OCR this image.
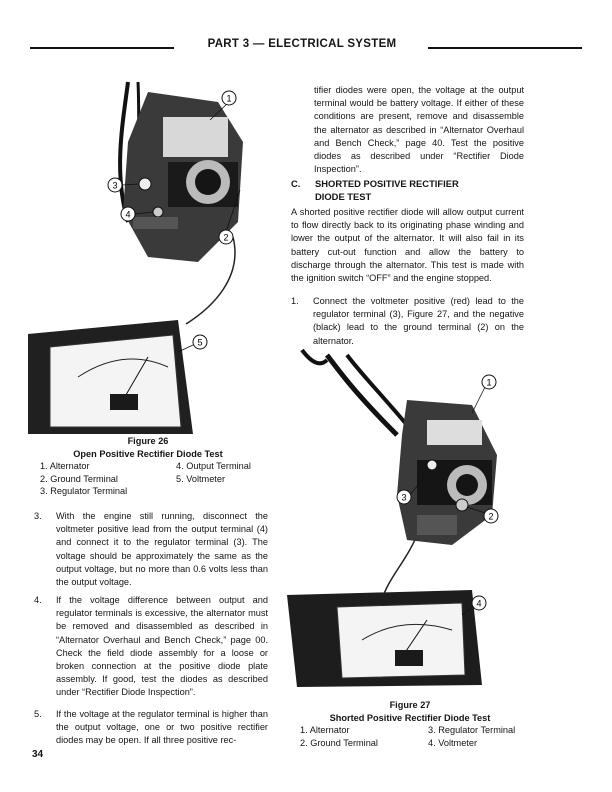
PART 3 — ELECTRICAL SYSTEM
1
2
3
4
5
Figure 26
Open Positive Rectifier Diode Test
1. Alternator	4. Output Terminal
2. Ground Terminal	5. Voltmeter
3. Regulator Terminal
3. With the engine still running, disconnect the voltmeter positive lead from the output terminal (4) and connect it to the regulator terminal (3). The voltage should be approximately the same as the output voltage, but no more than 0.6 volts less than the output voltage.
4. If the voltage difference between output and regulator terminals is excessive, the alternator must be removed and disassembled as described in “Alternator Overhaul and Bench Check,” page 00. Check the field diode assembly for a loose or broken connection at the positive diode plate assembly. If good, test the diodes as described under “Rectifier Diode Inspection”.
5. If the voltage at the regulator terminal is higher than the output voltage, one or two positive rectifier diodes may be open. If all three positive rec-
tifier diodes were open, the voltage at the output terminal would be battery voltage. If either of these conditions are present, remove and disassemble the alternator as described in “Alternator Overhaul and Bench Check,” page 40. Test the positive diodes as described under “Rectifier Diode Inspection”.
C. SHORTED POSITIVE RECTIFIER
DIODE TEST
A shorted positive rectifier diode will allow output current to flow directly back to its originating phase winding and lower the output of the alternator. It will also fail in its battery cut-out function and allow the battery to discharge through the alternator. This test is made with the ignition switch “OFF” and the engine stopped.
1. Connect the voltmeter positive (red) lead to the regulator terminal (3), Figure 27, and the negative (black) lead to the ground terminal (2) on the alternator.
1
2
3
4
Figure 27
Shorted Positive Rectifier Diode Test
1. Alternator	3. Regulator Terminal
2. Ground Terminal	4. Voltmeter
34
